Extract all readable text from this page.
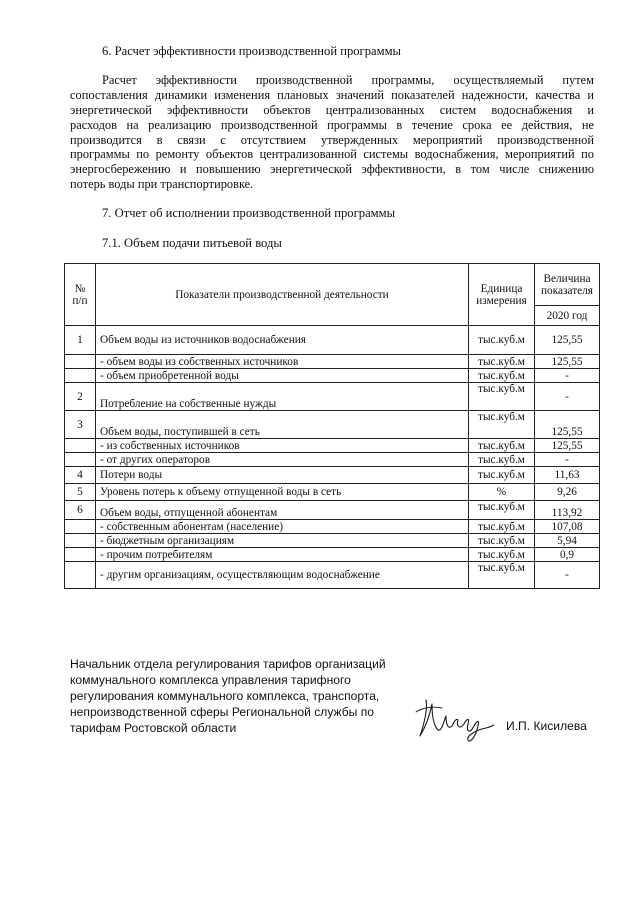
6. Расчет эффективности производственной программы
Расчет эффективности производственной программы, осуществляемый путем
сопоставления динамики изменения плановых значений показателей надежности, качества и
энергетической эффективности объектов централизованных систем водоснабжения и
расходов на реализацию производственной программы в течение срока ее действия, не
производится в связи с отсутствием утвержденных мероприятий производственной
программы по ремонту объектов централизованной системы водоснабжения, мероприятий по
энергосбережению и повышению энергетической эффективности, в том числе снижению
потерь воды при транспортировке.
7. Отчет об исполнении производственной программы
7.1. Объем подачи питьевой воды
№ п/п	Показатели производственной деятельности	Единица измерения	Величина показателя
			2020 год
1	Объем воды из источников водоснабжения	тыс.куб.м	125,55
	- объем воды из собственных источников	тыс.куб.м	125,55
	- объем приобретенной воды	тыс.куб.м	-
2	Потребление на собственные нужды	тыс.куб.м	-
3	Объем воды, поступившей в сеть	тыс.куб.м	125,55
	- из собственных источников	тыс.куб.м	125,55
	- от других операторов	тыс.куб.м	-
4	Потери воды	тыс.куб.м	11,63
5	Уровень потерь к объему отпущенной воды в сеть	%	9,26
6	Объем воды, отпущенной абонентам	тыс.куб.м	113,92
	- собственным абонентам (население)	тыс.куб.м	107,08
	- бюджетным организациям	тыс.куб.м	5,94
	- прочим потребителям	тыс.куб.м	0,9
	- другим организациям, осуществляющим водоснабжение	тыс.куб.м	-
Начальник отдела регулирования тарифов организаций
коммунального комплекса управления тарифного
регулирования коммунального комплекса, транспорта,
непроизводственной сферы Региональной службы по
тарифам Ростовской области	И.П. Кисилева
